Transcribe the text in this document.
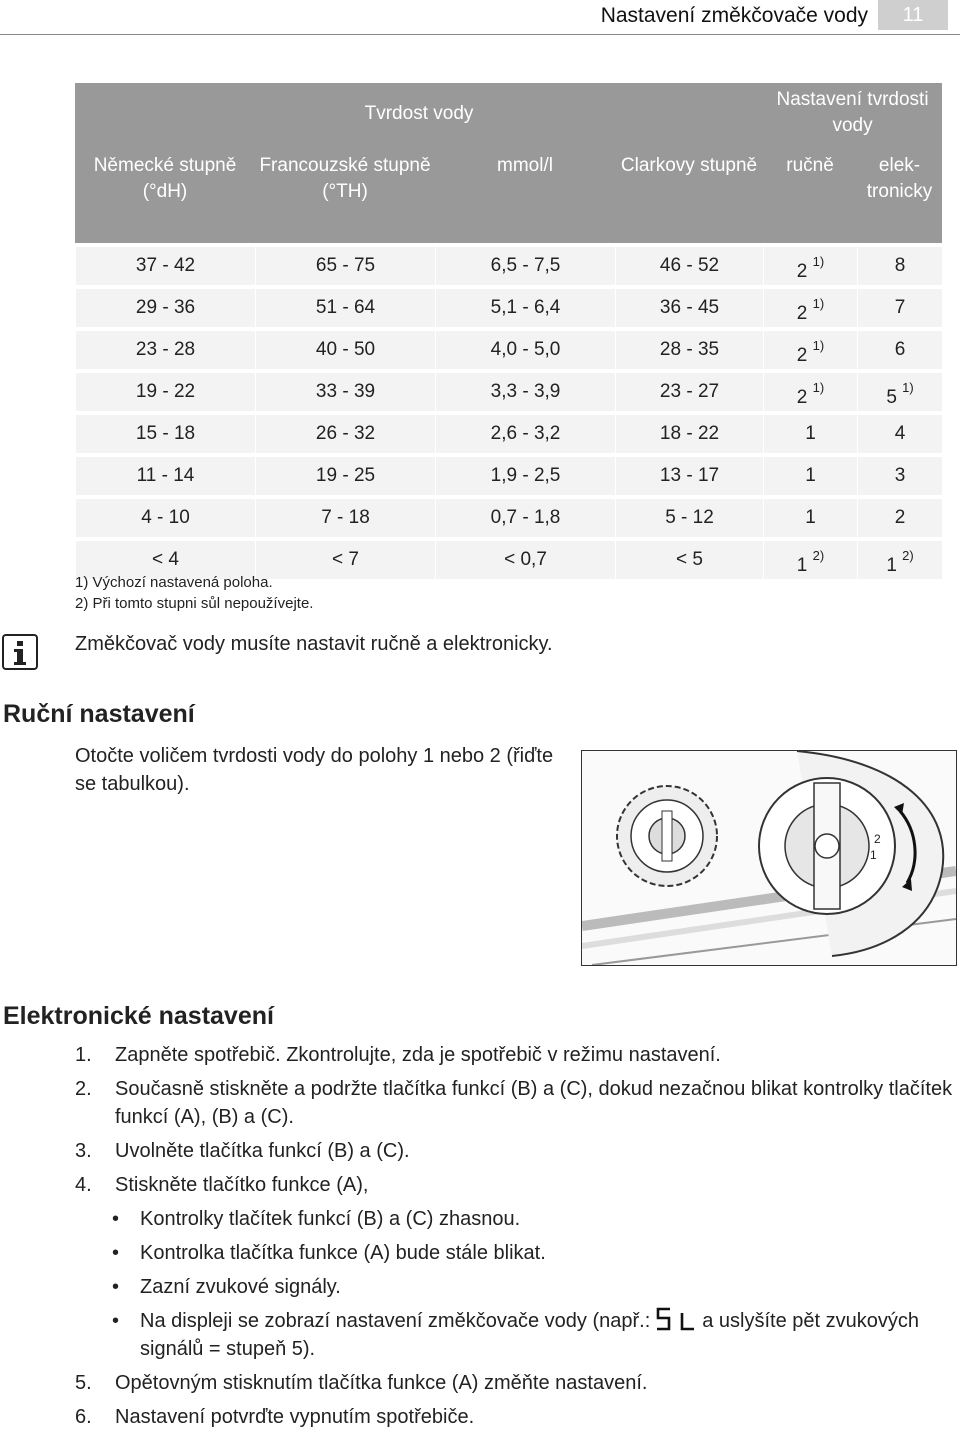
Nastavení změkčovače vody	11
Tvrdost vody				Nastavení tvrdosti vody	
Německé stupně (°dH)	Francouzské stupně (°TH)	mmol/l	Clarkovy stupně	ručně	elektronicky
37 - 42	65 - 75	6,5 - 7,5	46 - 52	2 $^{1)}$	8
29 - 36	51 - 64	5,1 - 6,4	36 - 45	2 $^{1)}$	7
23 - 28	40 - 50	4,0 - 5,0	28 - 35	2 $^{1)}$	6
19 - 22	33 - 39	3,3 - 3,9	23 - 27	2 $^{1)}$	5 $^{1)}$
15 - 18	26 - 32	2,6 - 3,2	18 - 22	1	4
11 - 14	19 - 25	1,9 - 2,5	13 - 17	1	3
4 - 10	7 - 18	0,7 - 1,8	5 - 12	1	2
< 4	< 7	< 0,7	< 5	1 $^{2)}$	1 $^{2)}$
1) Výchozí nastavená poloha.
2) Při tomto stupni sůl nepoužívejte.
Změkčovač vody musíte nastavit ručně a elektronicky.
Ruční nastavení
Otočte voličem tvrdosti vody do polohy 1 nebo 2 (řiďte se tabulkou).
2
1
Elektronické nastavení
1. Zapněte spotřebič. Zkontrolujte, zda je spotřebič v režimu nastavení.
2. Současně stiskněte a podržte tlačítka funkcí (B) a (C), dokud nezačnou blikat kontrolky tlačítek funkcí (A), (B) a (C).
3. Uvolněte tlačítka funkcí (B) a (C).
4. Stiskněte tlačítko funkce (A),
• Kontrolky tlačítek funkcí (B) a (C) zhasnou.
• Kontrolka tlačítka funkce (A) bude stále blikat.
• Zazní zvukové signály.
• Na displeji se zobrazí nastavení změkčovače vody (např.:	a uslyšíte pět zvukových signálů = stupeň 5).
5. Opětovným stisknutím tlačítka funkce (A) změňte nastavení.
6. Nastavení potvrďte vypnutím spotřebiče.
